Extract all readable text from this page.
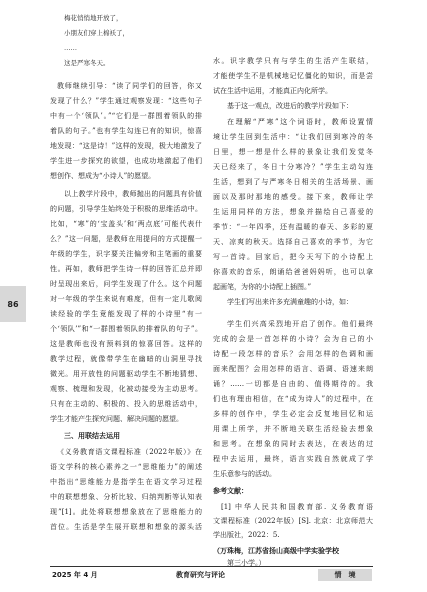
梅花悄悄地开放了，
小朋友们穿上棉袄了，
……
这是严寒冬天。
教师继续引导：“读了同学们的回答，你又
发现了什么？”学生通过观察发现：“这些句子
中有一个‘领队’。”“它们是一群围着领队的排
着队的句子。”也有学生勾连已有的知识，惊喜
地发现：“这是诗！”这样的发现，极大地激发了
学生进一步探究的欲望，也成功地激起了他们
想创作、想成为“小诗人”的愿望。
以上教学片段中，教师抛出的问题具有价值
的问题，引导学生始终处于积极的思维活动中。
比如，“寒”的‘宝盖头’和‘两点底’可能代表什
么？”这一问题，是教师在用提问的方式提醒一
年级的学生，识字要关注偏旁和主笔画的重要
性。再如，教师把学生诗一样的回答汇总并即
时呈现出来后，问学生发现了什么。这个问题
对一年级的学生来说有难度，但有一定儿歌阅
读经验的学生竟能发现了样的小诗里“有一
个‘领队’”和“一群围着领队的排着队的句子”。
这是教师也没有预料到的惊喜回答。这样的
教学过程，就像带学生在幽暗的山洞里寻找
微光。用开放性的问题驱动学生不断地猜想、
观察、梳理和发现，化被动接受为主动思考。
只有在主动的、积极的、投入的思维活动中，
学生才能产生探究问题、解决问题的愿望。
三、用联结去运用
《义务教育语文课程标准（2022年版）》在
语文学科的核心素养之一“思维能力”的阐述
中指出“思维能力是指学生在语文学习过程
中的联想想象、分析比较、归纳判断等认知表
现”[1]。此处将联想想象放在了思维能力的
首位。生活是学生展开联想和想象的源头活
水。识字教学只有与学生的生活产生联结，
才能使学生不是机械地记忆僵化的知识，而是尝
试在生活中运用，才能真正内化所学。
基于这一观点，改进后的教学片段如下：
在理解“严寒”这个词语时，教师设置情
境让学生回到生活中：“让我们回到寒冷的冬
日里，想一想是什么样的景象让我们发觉冬
天已经来了，冬日十分寒冷？”学生主动勾连
生活，想到了与严寒冬日相关的生活场景、画
面以及那时那地的感受。接下来，教师让学
生运用同样的方法，想象并描绘自己喜爱的
季节：“一年四季，还有温暖的春天、多彩的夏
天、凉爽的秋天。选择自己喜欢的季节，为它
写一首诗。回家后，把今天写下的小诗配上
你喜欢的音乐，朗诵给爸爸妈妈听，也可以拿
起画笔，为你的小诗配上插图。”
学生们写出来许多充满童趣的小诗，如：
学生们兴高采烈地开启了创作。他们最终
完成的会是一首怎样的小诗？会为自己的小
诗配一段怎样的音乐？会用怎样的色调和画
面来配图？会用怎样的语言、语调、语速来朗
诵？……一切都是自由的、值得期待的。我
们也有理由相信，在“成为诗人”的过程中，在
多样的创作中，学生必定会反复地回忆和运
用课上所学，并不断地关联生活经验去想象
和思考。在想象的同时去表达，在表达的过
程中去运用，最终，语言实践自然就成了学
生乐意参与的活动。
参考文献：
[1] 中华人民共和国教育部. 义务教育语
文课程标准（2022年版）[S]. 北京：北京师范大
学出版社，2022：5.
（万珠梅，江苏省扬山高级中学实验学校
第三小学。）
86
2025 年 4 月	教育研究与评论	情　境
